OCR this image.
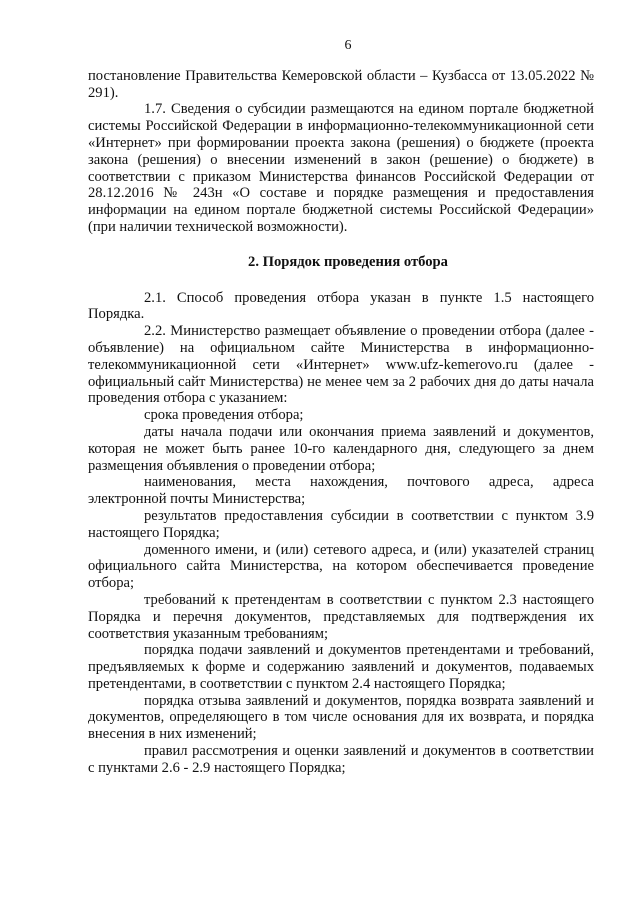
6

постановление Правительства Кемеровской области – Кузбасса от 13.05.2022 № 291).

1.7. Сведения о субсидии размещаются на едином портале бюджетной системы Российской Федерации в информационно-телекоммуникационной сети «Интернет» при формировании проекта закона (решения) о бюджете (проекта закона (решения) о внесении изменений в закон (решение) о бюджете) в соответствии с приказом Министерства финансов Российской Федерации от 28.12.2016 № 243н «О составе и порядке размещения и предоставления информации на едином портале бюджетной системы Российской Федерации» (при наличии технической возможности).

2. Порядок проведения отбора

2.1. Способ проведения отбора указан в пункте 1.5 настоящего Порядка.

2.2. Министерство размещает объявление о проведении отбора (далее - объявление) на официальном сайте Министерства в информационно-телекоммуникационной сети «Интернет» www.ufz-kemerovo.ru (далее - официальный сайт Министерства) не менее чем за 2 рабочих дня до даты начала проведения отбора с указанием:

срока проведения отбора;

даты начала подачи или окончания приема заявлений и документов, которая не может быть ранее 10-го календарного дня, следующего за днем размещения объявления о проведении отбора;

наименования, места нахождения, почтового адреса, адреса электронной почты Министерства;

результатов предоставления субсидии в соответствии с пунктом 3.9 настоящего Порядка;

доменного имени, и (или) сетевого адреса, и (или) указателей страниц официального сайта Министерства, на котором обеспечивается проведение отбора;

требований к претендентам в соответствии с пунктом 2.3 настоящего Порядка и перечня документов, представляемых для подтверждения их соответствия указанным требованиям;

порядка подачи заявлений и документов претендентами и требований, предъявляемых к форме и содержанию заявлений и документов, подаваемых претендентами, в соответствии с пунктом 2.4 настоящего Порядка;

порядка отзыва заявлений и документов, порядка возврата заявлений и документов, определяющего в том числе основания для их возврата, и порядка внесения в них изменений;

правил рассмотрения и оценки заявлений и документов в соответствии с пунктами 2.6 - 2.9 настоящего Порядка;
